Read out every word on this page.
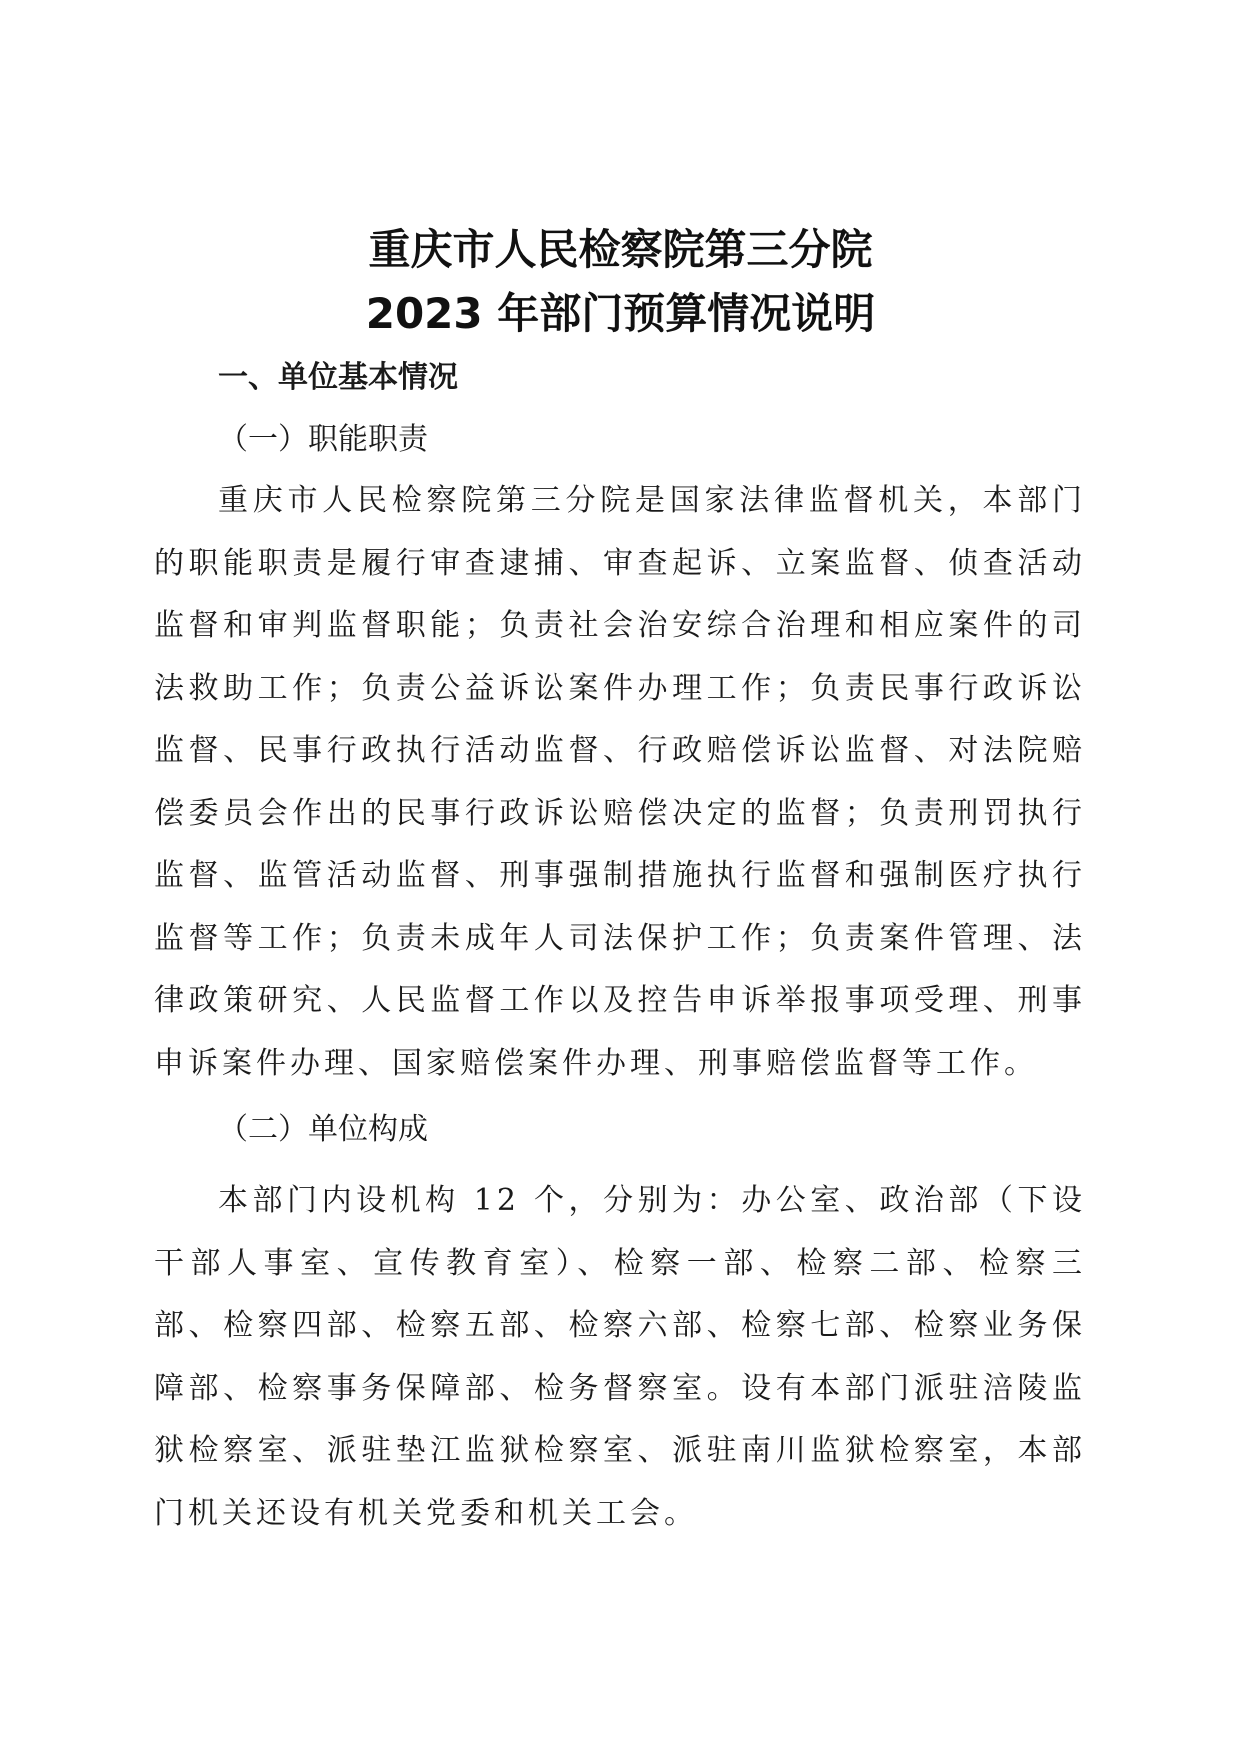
重庆市人民检察院第三分院
2023 年部门预算情况说明
一、单位基本情况
（一）职能职责

重庆市人民检察院第三分院是国家法律监督机关，本部门的职能职责是履行审查逮捕、审查起诉、立案监督、侦查活动监督和审判监督职能；负责社会治安综合治理和相应案件的司法救助工作；负责公益诉讼案件办理工作；负责民事行政诉讼监督、民事行政执行活动监督、行政赔偿诉讼监督、对法院赔偿委员会作出的民事行政诉讼赔偿决定的监督；负责刑罚执行监督、监管活动监督、刑事强制措施执行监督和强制医疗执行监督等工作；负责未成年人司法保护工作；负责案件管理、法律政策研究、人民监督工作以及控告申诉举报事项受理、刑事申诉案件办理、国家赔偿案件办理、刑事赔偿监督等工作。

（二）单位构成

本部门内设机构 12 个，分别为：办公室、政治部（下设干部人事室、宣传教育室）、检察一部、检察二部、检察三部、检察四部、检察五部、检察六部、检察七部、检察业务保障部、检察事务保障部、检务督察室。设有本部门派驻涪陵监狱检察室、派驻垫江监狱检察室、派驻南川监狱检察室，本部门机关还设有机关党委和机关工会。
